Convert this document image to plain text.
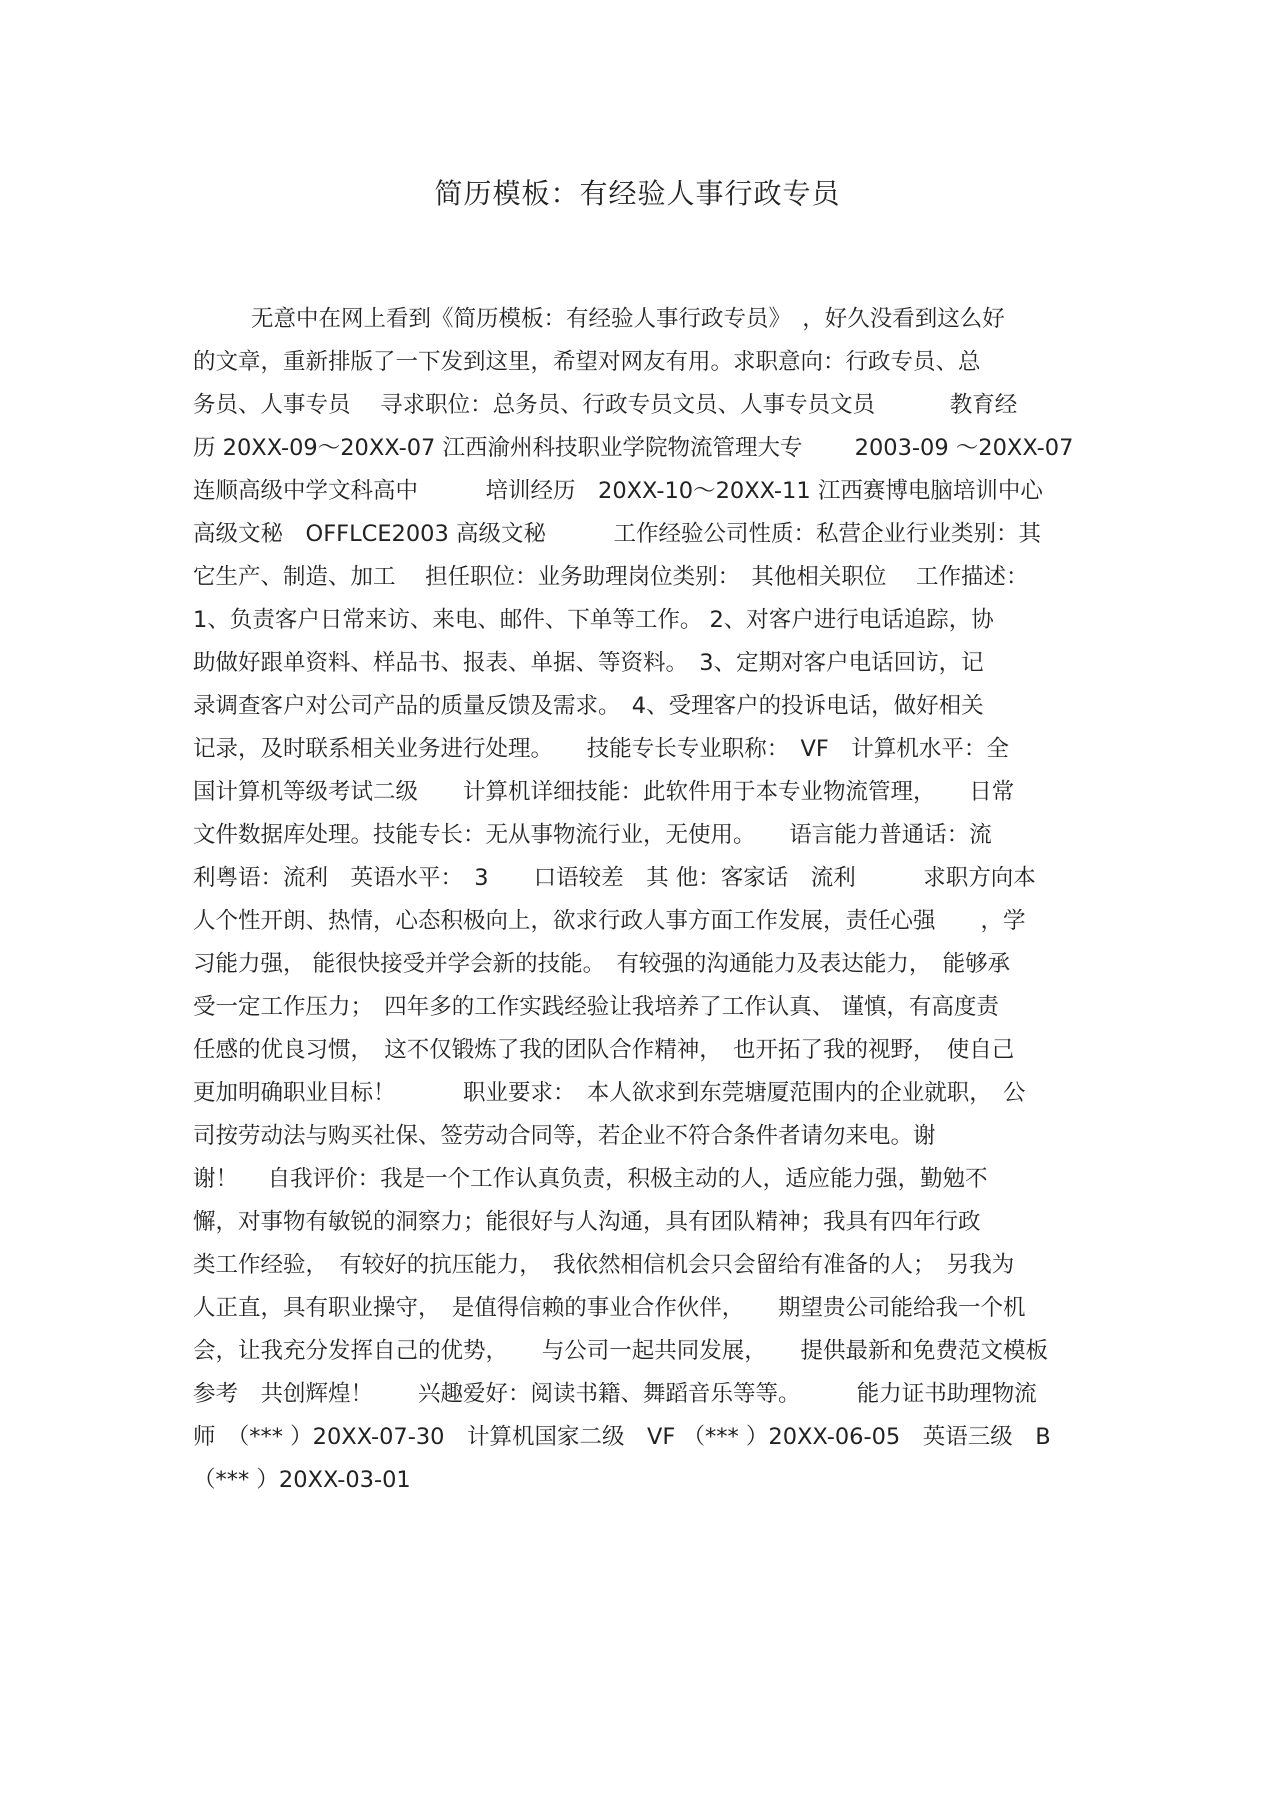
简历模板：有经验人事行政专员
无意中在网上看到《简历模板：有经验人事行政专员》　，好久没看到这么好
的文章，重新排版了一下发到这里，希望对网友有用。求职意向：行政专员、总
务员、人事专员　 寻求职位：总务员、行政专员文员、人事专员文员　　　 教育经
历 20XX-09～20XX-07 江西渝州科技职业学院物流管理大专　　 2003-09 ～20XX-07
连顺高级中学文科高中　　　培训经历　20XX-10～20XX-11 江西赛博电脑培训中心
高级文秘　OFFLCE2003 高级文秘　　　工作经验公司性质：私营企业行业类别：其
它生产、制造、加工　 担任职位：业务助理岗位类别：　其他相关职位　 工作描述：
1、负责客户日常来访、来电、邮件、下单等工作。 2、对客户进行电话追踪，协
助做好跟单资料、样品书、报表、单据、等资料。　3、定期对客户电话回访，记
录调查客户对公司产品的质量反馈及需求。　4、受理客户的投诉电话，做好相关
记录，及时联系相关业务进行处理。　　技能专长专业职称：　VF　计算机水平：全
国计算机等级考试二级　　计算机详细技能：此软件用于本专业物流管理，　　日常
文件数据库处理。技能专长：无从事物流行业，无使用。　　语言能力普通话：流
利粤语：流利　英语水平：　3　　口语较差　其 他：客家话　流利　　　求职方向本
人个性开朗、热情，心态积极向上，欲求行政人事方面工作发展，责任心强　　，学
习能力强， 能很快接受并学会新的技能。　有较强的沟通能力及表达能力，　能够承
受一定工作压力；　四年多的工作实践经验让我培养了工作认真、 谨慎，有高度责
任感的优良习惯，　这不仅锻炼了我的团队合作精神，　也开拓了我的视野，　使自己
更加明确职业目标！　　　职业要求：　本人欲求到东莞塘厦范围内的企业就职，　公
司按劳动法与购买社保、签劳动合同等，若企业不符合条件者请勿来电。谢
谢！　 自我评价：我是一个工作认真负责，积极主动的人，适应能力强，勤勉不
懈，对事物有敏锐的洞察力；能很好与人沟通，具有团队精神；我具有四年行政
类工作经验，　有较好的抗压能力，　我依然相信机会只会留给有准备的人；　另我为
人正直，具有职业操守，　是值得信赖的事业合作伙伴，　　期望贵公司能给我一个机
会，让我充分发挥自己的优势，　　与公司一起共同发展，　　提供最新和免费范文模板
参考　共创辉煌！　　兴趣爱好：阅读书籍、舞蹈音乐等等。　　　能力证书助理物流
师　（*** ）20XX-07-30　计算机国家二级　VF （*** ）20XX-06-05　英语三级　B
（*** ）20XX-03-01
